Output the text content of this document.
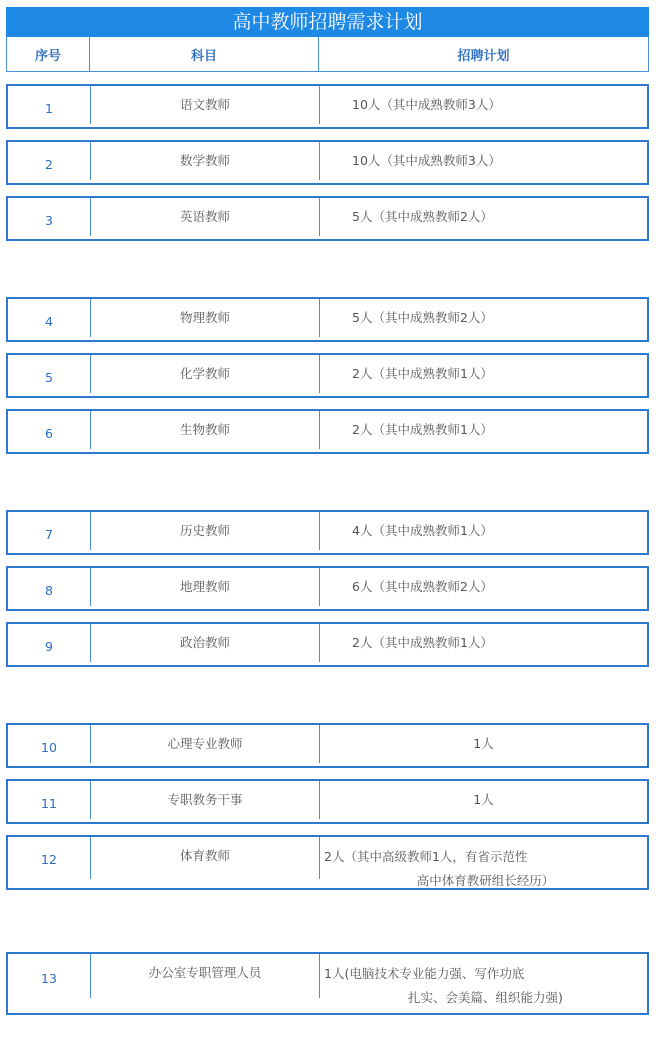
高中教师招聘需求计划
序号	科目	招聘计划
1	语文教师	10人（其中成熟教师3人）
2	数学教师	10人（其中成熟教师3人）
3	英语教师	5人（其中成熟教师2人）
4	物理教师	5人（其中成熟教师2人）
5	化学教师	2人（其中成熟教师1人）
6	生物教师	2人（其中成熟教师1人）
7	历史教师	4人（其中成熟教师1人）
8	地理教师	6人（其中成熟教师2人）
9	政治教师	2人（其中成熟教师1人）
10	心理专业教师	1人
11	专职教务干事	1人
12	体育教师	2人（其中高级教师1人，有省示范性
高中体育教研组长经历）
13	办公室专职管理人员	1人(电脑技术专业能力强、写作功底
扎实、会美篇、组织能力强)
